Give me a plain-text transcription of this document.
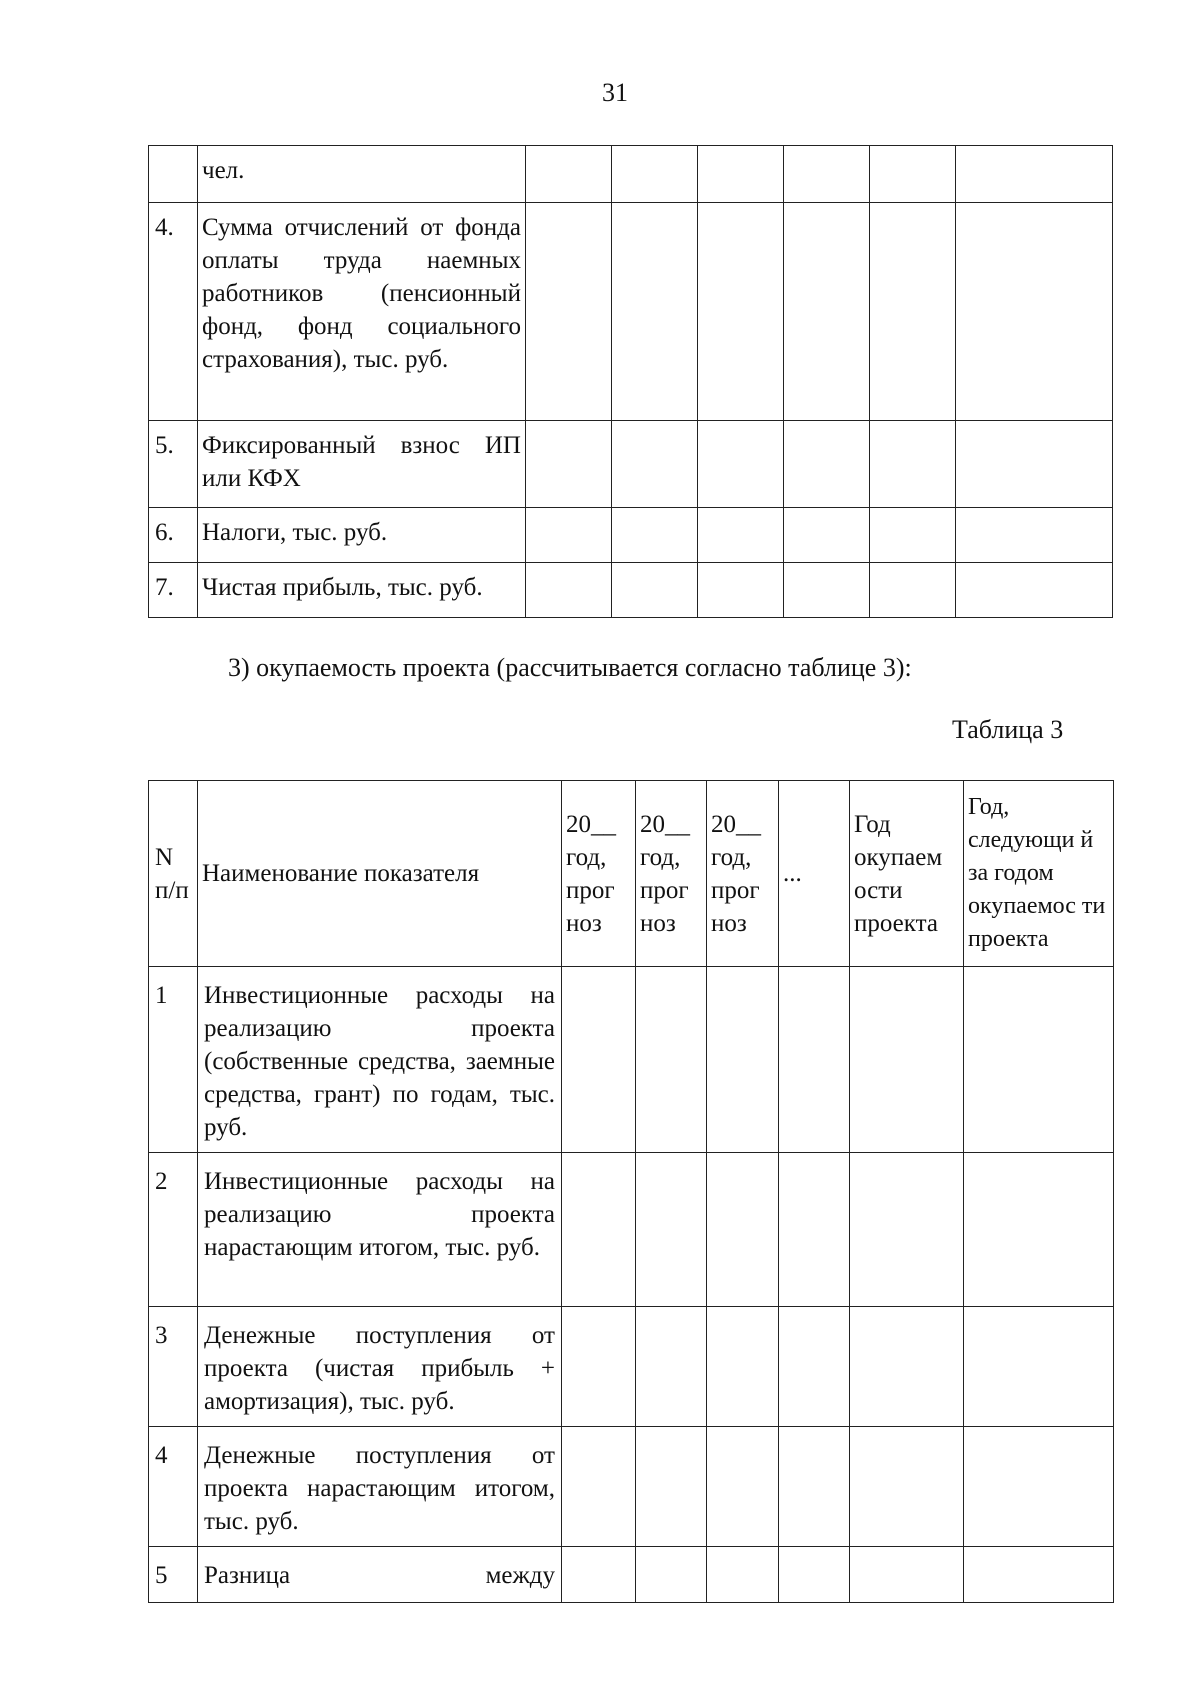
31
	чел.						
4.	Сумма отчислений от фонда оплаты труда наемных работников (пенсионный фонд, фонд социального страхования), тыс. руб.						
5.	Фиксированный взнос ИП или КФХ						
6.	Налоги, тыс. руб.						
7.	Чистая прибыль, тыс. руб.						
3) окупаемость проекта (рассчитывается согласно таблице 3):
Таблица 3
N п/п	Наименование показателя	20__ год, прог ноз	20__ год, прог ноз	20__ год, прог ноз	...	Год окупаем ости проекта	Год, следующи й за годом окупаемос ти проекта
1	Инвестиционные расходы на реализацию проекта (собственные средства, заемные средства, грант) по годам, тыс. руб.						
2	Инвестиционные расходы на реализацию проекта нарастающим итогом, тыс. руб.						
3	Денежные поступления от проекта (чистая прибыль + амортизация), тыс. руб.						
4	Денежные поступления от проекта нарастающим итогом, тыс. руб.						
5	Разница между						
